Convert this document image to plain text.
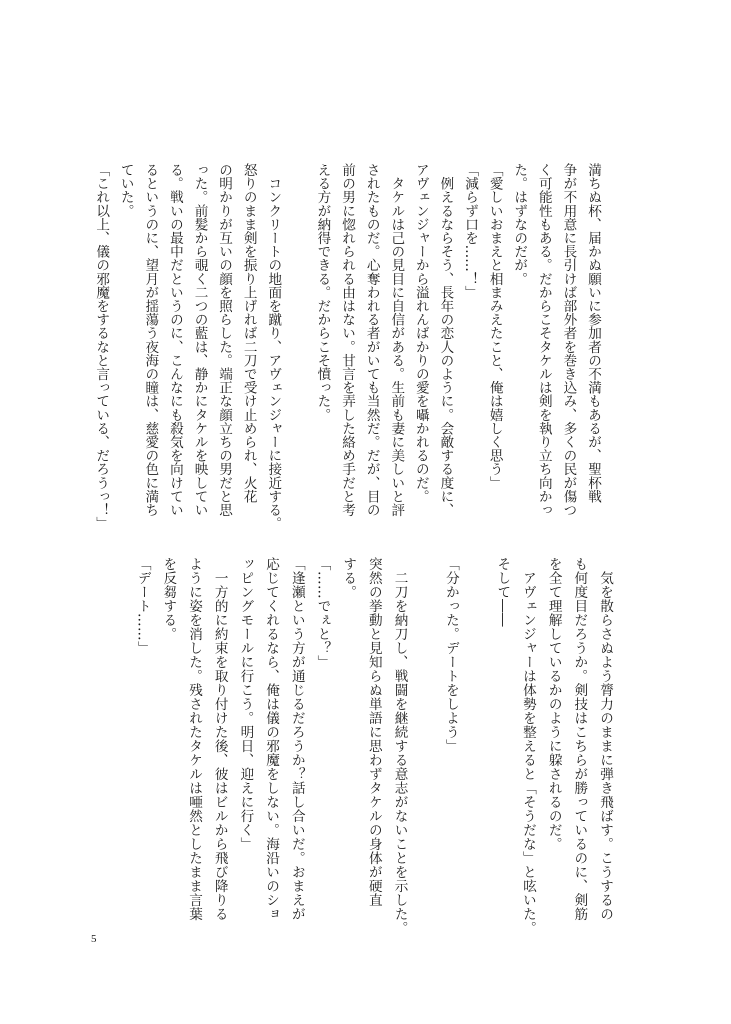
満ちぬ杯、届かぬ願いに参加者の不満もあるが、聖杯戦
争が不用意に長引けば部外者を巻き込み、多くの民が傷つ
く可能性もある。だからこそタケルは剣を執り立ち向かっ
た。はずなのだが。
「愛しいおまえと相まみえたこと、俺は嬉しく思う」
「減らず口を……！」
　例えるならそう、長年の恋人のように。会敵する度に、
アヴェンジャーから溢れんばかりの愛を囁かれるのだ。
　タケルは己の見目に自信がある。生前も妻に美しいと評
されたものだ。心奪われる者がいても当然だ。だが、目の
前の男に惚れられる由はない。甘言を弄した絡め手だと考
える方が納得できる。だからこそ憤った。
　コンクリートの地面を蹴り、アヴェンジャーに接近する。
怒りのまま剣を振り上げれば二刀で受け止められ、火花
の明かりが互いの顔を照らした。端正な顔立ちの男だと思
った。前髪から覗く二つの藍は、静かにタケルを映してい
る。戦いの最中だというのに、こんなにも殺気を向けてい
るというのに、望月が揺蕩う夜海の瞳は、慈愛の色に満ち
ていた。
「これ以上、儀の邪魔をするなと言っている、だろうっ！」
　気を散らさぬよう膂力のままに弾き飛ばす。こうするの
も何度目だろうか。剣技はこちらが勝っているのに、剣筋
を全て理解しているかのように躱されるのだ。
　アヴェンジャーは体勢を整えると「そうだな」と呟いた。
そして――
「分かった。デートをしよう」
　二刀を納刀し、戦闘を継続する意志がないことを示した。
突然の挙動と見知らぬ単語に思わずタケルの身体が硬直
する。
「……でぇと？」
「逢瀬という方が通じるだろうか？話し合いだ。おまえが
応じてくれるなら、俺は儀の邪魔をしない。海沿いのショ
ッピングモールに行こう。明日、迎えに行く」
　一方的に約束を取り付けた後、彼はビルから飛び降りる
ように姿を消した。残されたタケルは唖然としたまま言葉
を反芻する。
「デート……」
5
